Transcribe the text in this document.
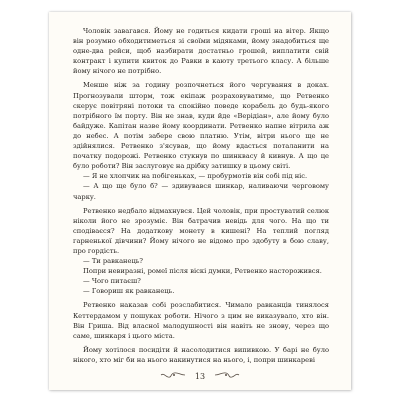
Чоловік завагався. Йому не годиться кидати гроші на вітер. Якщо він розумно обходитиметься зі своїми мідяками, йому знадобиться ще одне-два рейси, щоб назбирати достатньо грошей, виплатити свій контракт і купити квиток до Равки в каюту третього класу. А більше йому нічого не потрібно.

Менше ніж за годину розпочнеться його чергування в доках. Прогнозували шторм, тож екіпаж розраховуватиме, що Ретвенко скерує повітряні потоки та спокійно поведе корабель до будь-якого потрібного їм порту. Він не знав, куди йде «Верідіан», але йому було байдуже. Капітан назве йому координати. Ретвенко напне вітрила аж до небес. А потім забере свою платню. Утім, вітри нього ще не здійнялися. Ретвенко з'ясував, що йому вдасться поталанити на початку подорожі. Ретвенко стукнув по шинквасу й кивнув. А що це було роботи? Він заслуговує на дрібку затишку в цьому світі.

— Я не хлопчик на побігеньках, — пробурмотів він собі під ніс.

— А що ще було б? — здивувався шинкар, наливаючи черговому чарку.

Ретвенко недбало відмахнувся. Цей чоловік, при простуватий селюк ніколи його не зрозуміє. Він батрачив невідь для чого. На що ти сподіваєся? На додаткову монету в кишені? На теплий погляд гарненької дівчини? Йому нічого не відомо про здобуту в бою славу, про гордість.

— Ти равканець?

Попри невиразні, ромеї після віскі думки, Ретвенко насторожився.

— Чого питаєш?

— Говориш як равканець.

Ретвенко наказав собі розслабитися. Чимало равканців тинялося Кеттердамом у пошуках роботи. Нічого з цим не виказувало, хто він. Він Гриша. Від власної малодушності він навіть не знову, через що саме, шинкаря і цього міста.

Йому хотілося посидіти й насолодитися випивкою. У барі не було нікого, хто міг би на нього накинутися на нього, і, попри шинкареві

13
